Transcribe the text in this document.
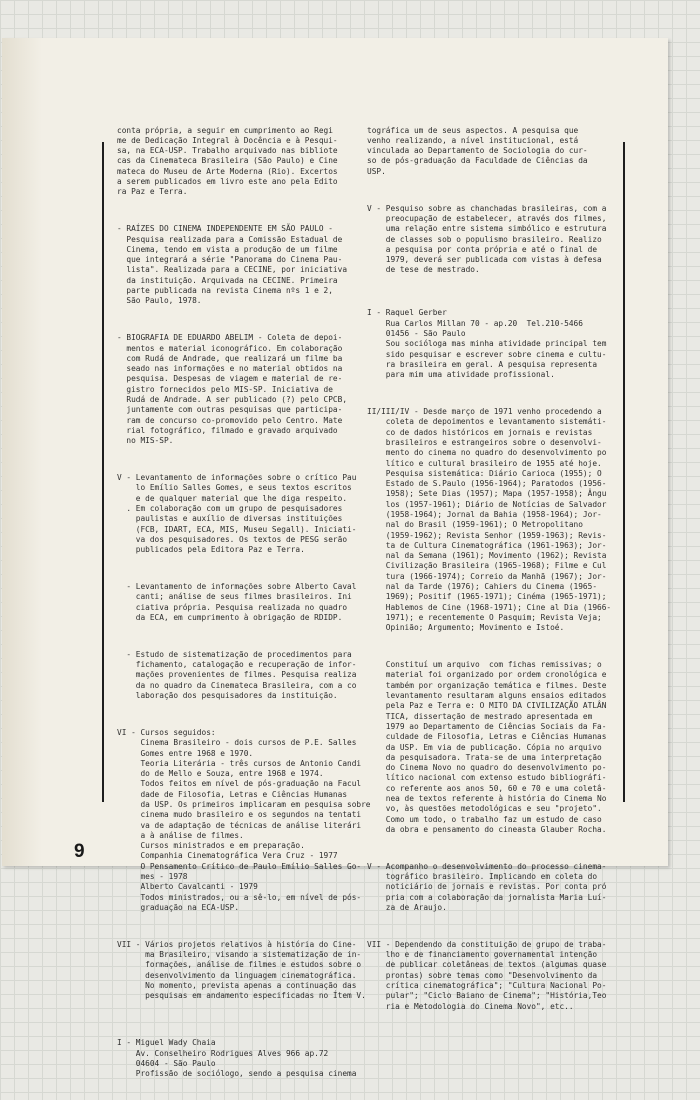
conta própria, a seguir em cumprimento ao Regi
me de Dedicação Integral à Docência e à Pesqui-
sa, na ECA-USP. Trabalho arquivado nas bibliote
cas da Cinemateca Brasileira (São Paulo) e Cine
mateca do Museu de Arte Moderna (Rio). Excertos
a serem publicados em livro este ano pela Edito
ra Paz e Terra.

- RAÍZES DO CINEMA INDEPENDENTE EM SÃO PAULO -
Pesquisa realizada para a Comissão Estadual de
Cinema, tendo em vista a produção de um filme
que integrará a série "Panorama do Cinema Pau-
lista". Realizada para a CECINE, por iniciativa
da instituição. Arquivada na CECINE. Primeira
parte publicada na revista Cinema nºs 1 e 2,
São Paulo, 1978.

- BIOGRAFIA DE EDUARDO ABELIM - Coleta de depoi-
mentos e material iconográfico. Em colaboração
com Rudá de Andrade, que realizará um filme ba
seado nas informações e no material obtidos na
pesquisa. Despesas de viagem e material de re-
gistro fornecidos pelo MIS-SP. Iniciativa de
Rudá de Andrade. A ser publicado (?) pelo CPCB,
juntamente com outras pesquisas que participa-
ram de concurso co-promovido pelo Centro. Mate
rial fotográfico, filmado e gravado arquivado
no MIS-SP.

V - Levantamento de informações sobre o crítico Pau
lo Emílio Salles Gomes, e seus textos escritos
e de qualquer material que lhe diga respeito.
. Em colaboração com um grupo de pesquisadores
paulistas e auxílio de diversas instituições
(FCB, IDART, ECA, MIS, Museu Segall). Iniciati-
va dos pesquisadores. Os textos de PESG serão
publicados pela Editora Paz e Terra.

- Levantamento de informações sobre Alberto Caval
canti; análise de seus filmes brasileiros. Ini
ciativa própria. Pesquisa realizada no quadro
da ECA, em cumprimento à obrigação de RDIDP.

- Estudo de sistematização de procedimentos para
fichamento, catalogação e recuperação de infor-
mações provenientes de filmes. Pesquisa realiza
da no quadro da Cinemateca Brasileira, com a co
laboração dos pesquisadores da instituição.

VI - Cursos seguidos:
Cinema Brasileiro - dois cursos de P.E. Salles
Gomes entre 1968 e 1970.
Teoria Literária - três cursos de Antonio Candi
do de Mello e Souza, entre 1968 e 1974.
Todos feitos em nível de pós-graduação na Facul
dade de Filosofia, Letras e Ciências Humanas
da USP. Os primeiros implicaram em pesquisa sobre
cinema mudo brasileiro e os segundos na tentati
va de adaptação de técnicas de análise literári
a à análise de filmes.
Cursos ministrados e em preparação.
Companhia Cinematográfica Vera Cruz - 1977
O Pensamento Crítico de Paulo Emílio Salles Go-
mes - 1978
Alberto Cavalcanti - 1979
Todos ministrados, ou a sê-lo, em nível de pós-
graduação na ECA-USP.

VII - Vários projetos relativos à história do Cine-
ma Brasileiro, visando a sistematização de in-
formações, análise de filmes e estudos sobre o
desenvolvimento da linguagem cinematográfica.
No momento, prevista apenas a continuação das
pesquisas em andamento especificadas no Ítem V.

I - Miguel Wady Chaia
Av. Conselheiro Rodrigues Alves 966 ap.72
04604 - São Paulo
Profissão de sociólogo, sendo a pesquisa cinema

tográfica um de seus aspectos. A pesquisa que
venho realizando, a nível institucional, está
vinculada ao Departamento de Sociologia do cur-
so de pós-graduação da Faculdade de Ciências da
USP.

V - Pesquiso sobre as chanchadas brasileiras, com a
preocupação de estabelecer, através dos filmes,
uma relação entre sistema simbólico e estrutura
de classes sob o populismo brasileiro. Realizo
a pesquisa por conta própria e até o final de
1979, deverá ser publicada com vistas à defesa
de tese de mestrado.

I - Raquel Gerber
Rua Carlos Millan 70 - ap.20  Tel.210-5466
01456 - São Paulo
Sou socióloga mas minha atividade principal tem
sido pesquisar e escrever sobre cinema e cultu-
ra brasileira em geral. A pesquisa representa
para mim uma atividade profissional.

II/III/IV - Desde março de 1971 venho procedendo a
coleta de depoimentos e levantamento sistemáti-
co de dados históricos em jornais e revistas
brasileiros e estrangeiros sobre o desenvolvi-
mento do cinema no quadro do desenvolvimento po
lítico e cultural brasileiro de 1955 até hoje.
Pesquisa sistemática: Diário Carioca (1955); O
Estado de S.Paulo (1956-1964); Paratodos (1956-
1958); Sete Dias (1957); Mapa (1957-1958); Ângu
los (1957-1961); Diário de Notícias de Salvador
(1958-1964); Jornal da Bahia (1958-1964); Jor-
nal do Brasil (1959-1961); O Metropolitano
(1959-1962); Revista Senhor (1959-1963); Revis-
ta de Cultura Cinematográfica (1961-1963); Jor-
nal da Semana (1961); Movimento (1962); Revista
Civilização Brasileira (1965-1968); Filme e Cul
tura (1966-1974); Correio da Manhã (1967); Jor-
nal da Tarde (1976); Cahiers du Cinema (1965-
1969); Positif (1965-1971); Cinéma (1965-1971);
Hablemos de Cine (1968-1971); Cine al Dia (1966-
1971); e recentemente O Pasquim; Revista Veja;
Opinião; Argumento; Movimento e Istoé.

Constituí um arquivo  com fichas remissivas; o
material foi organizado por ordem cronológica e
também por organização temática e filmes. Deste
levantamento resultaram alguns ensaios editados
pela Paz e Terra e: O MITO DA CIVILIZAÇÃO ATLÂN
TICA, dissertação de mestrado apresentada em
1979 ao Departamento de Ciências Sociais da Fa-
culdade de Filosofia, Letras e Ciências Humanas
da USP. Em via de publicação. Cópia no arquivo
da pesquisadora. Trata-se de uma interpretação
do Cinema Novo no quadro do desenvolvimento po-
lítico nacional com extenso estudo bibliográfi-
co referente aos anos 50, 60 e 70 e uma coletâ-
nea de textos referente à história do Cinema No
vo, às questões metodológicas e seu "projeto".
Como um todo, o trabalho faz um estudo de caso
da obra e pensamento do cineasta Glauber Rocha.

V - Acompanho o desenvolvimento do processo cinema-
tográfico brasileiro. Implicando em coleta do
noticiário de jornais e revistas. Por conta pró
pria com a colaboração da jornalista Maria Luí-
za de Araujo.

VII - Dependendo da constituição de grupo de traba-
lho e de financiamento governamental intenção
de publicar coletâneas de textos (algumas quase
prontas) sobre temas como "Desenvolvimento da
crítica cinematográfica"; "Cultura Nacional Po-
pular"; "Ciclo Baiano de Cinema"; "História,Teo
ria e Metodologia do Cinema Novo", etc..

9
